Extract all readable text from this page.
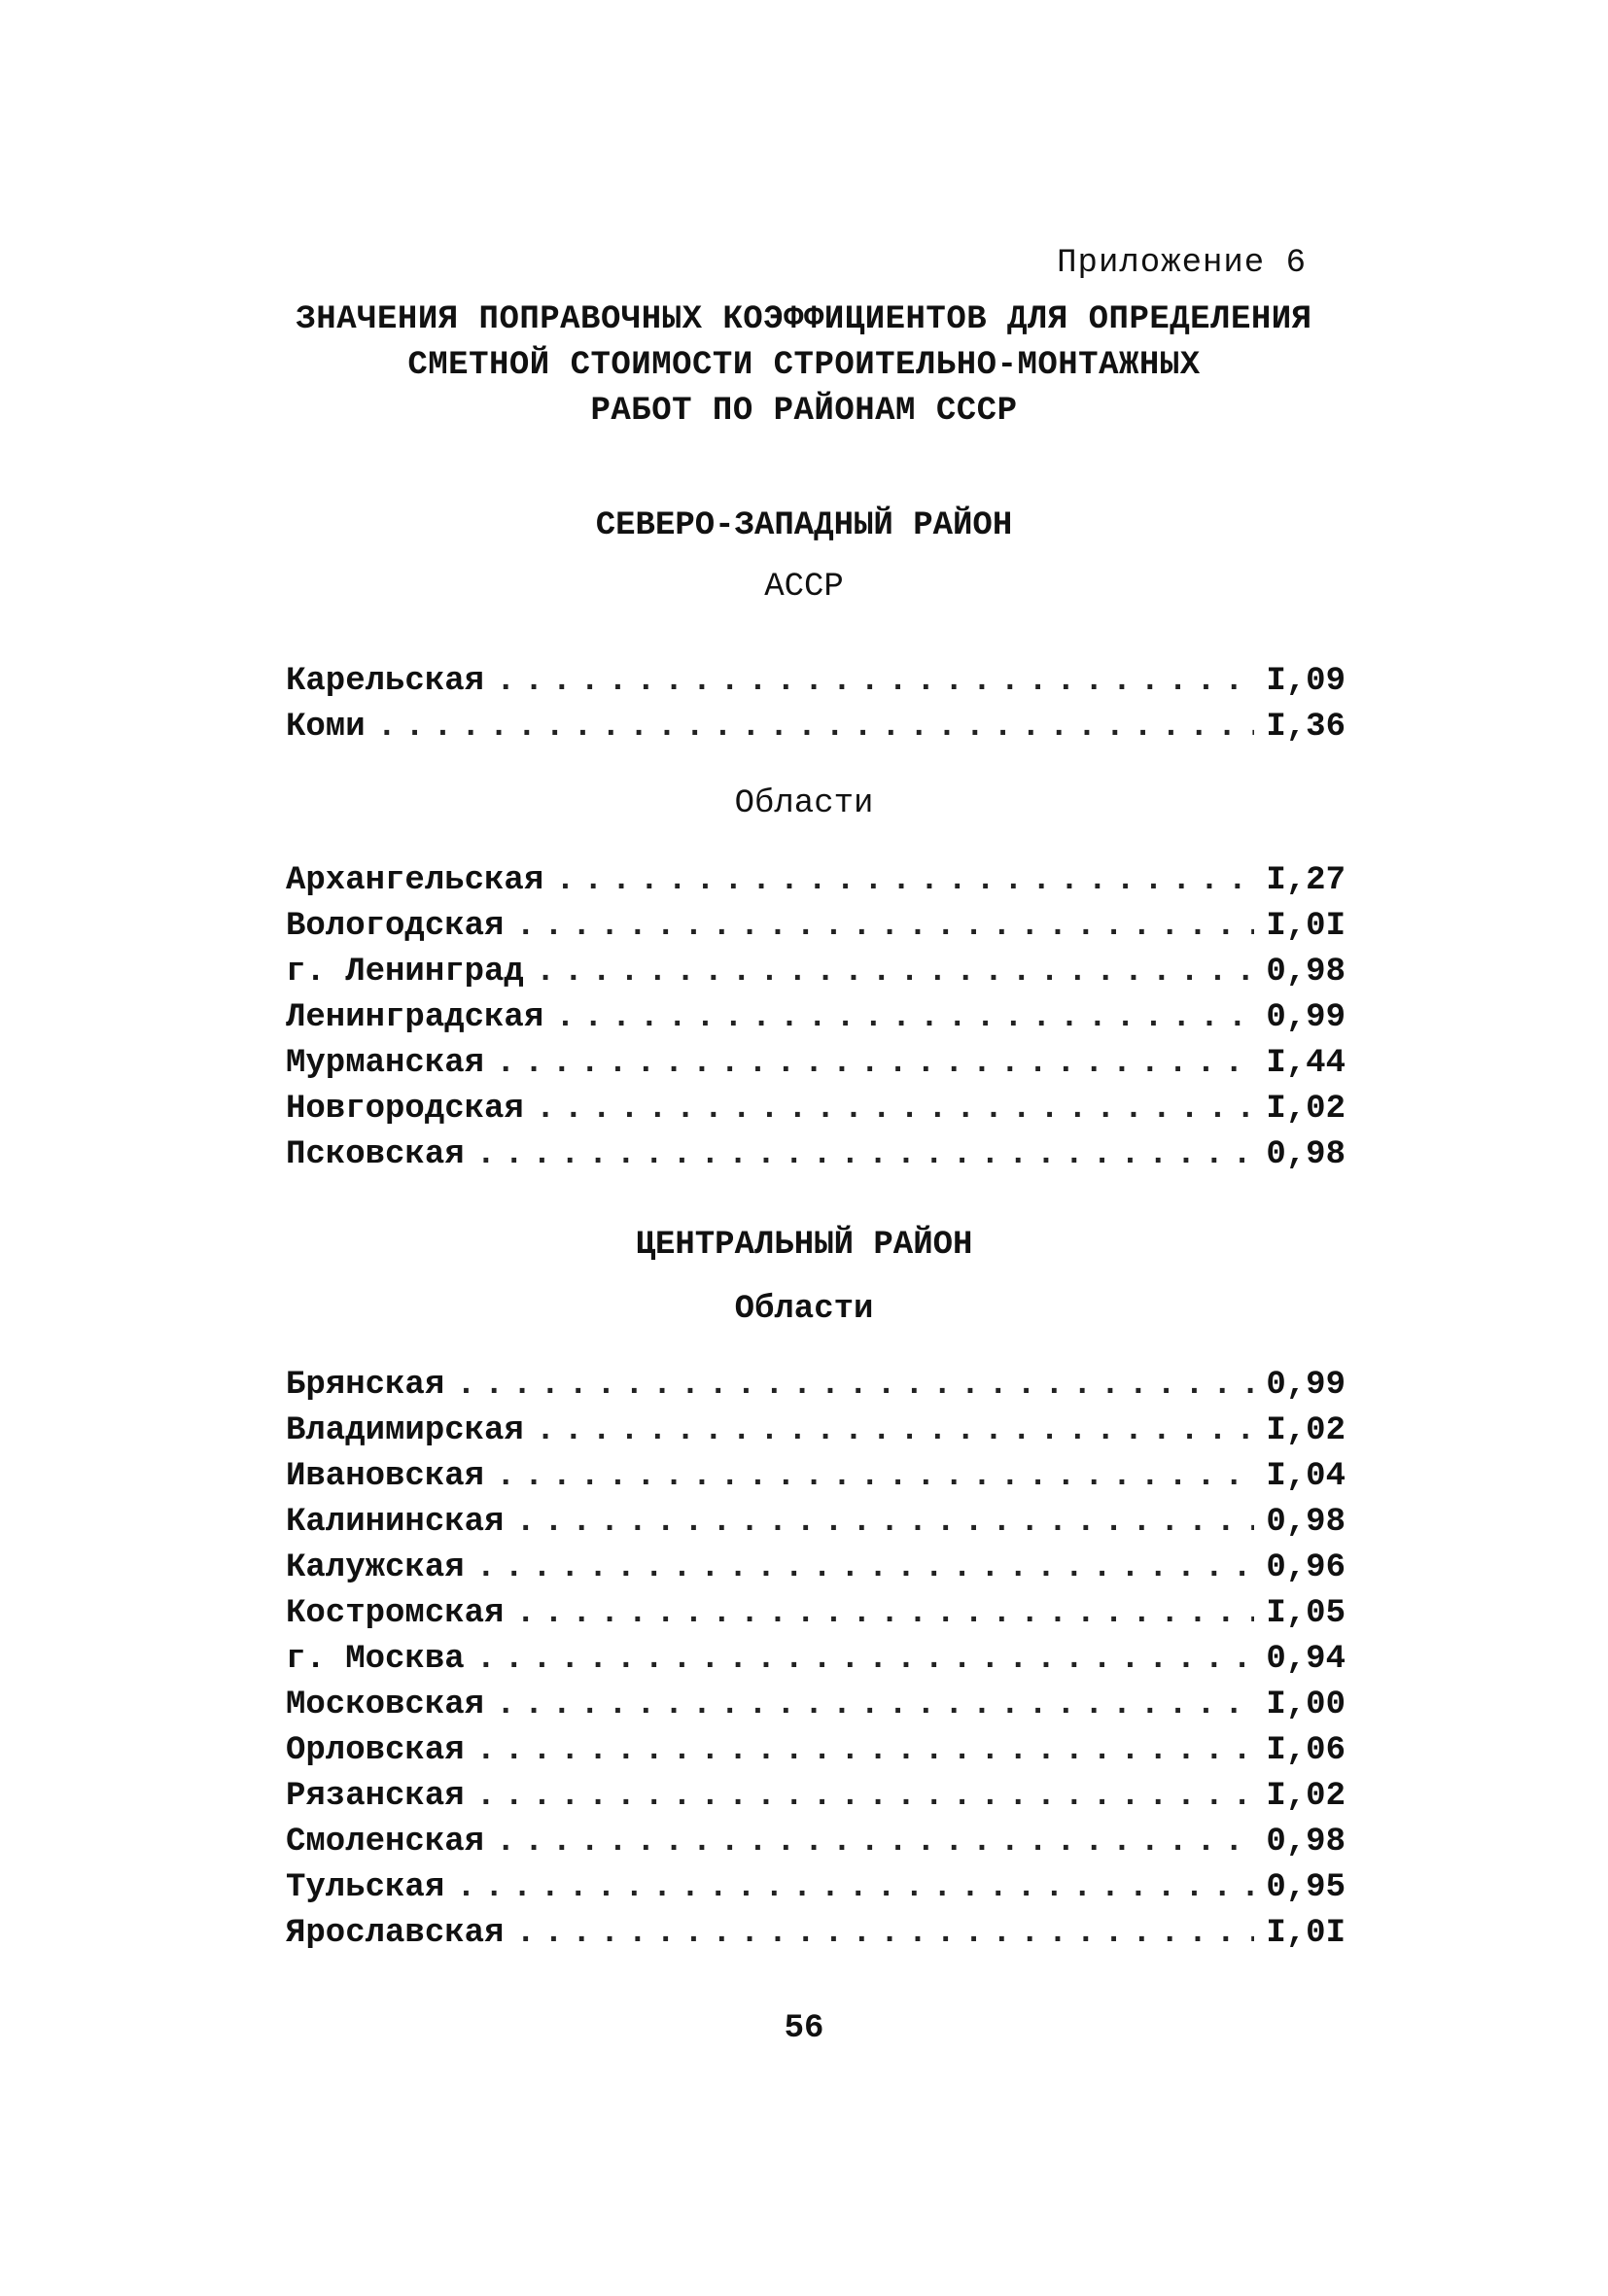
Приложение 6
ЗНАЧЕНИЯ ПОПРАВОЧНЫХ КОЭФФИЦИЕНТОВ ДЛЯ ОПРЕДЕЛЕНИЯ
СМЕТНОЙ СТОИМОСТИ СТРОИТЕЛЬНО-МОНТАЖНЫХ
РАБОТ ПО РАЙОНАМ СССР
СЕВЕРО-ЗАПАДНЫЙ РАЙОН
АССР
Карельская . . .	I,09
Коми . . .	I,36
Области
Архангельская . . .	I,27
Вологодская . . .	I,0I
г. Ленинград . . .	0,98
Ленинградская . . .	0,99
Мурманская . . .	I,44
Новгородская . . .	I,02
Псковская . . .	0,98
ЦЕНТРАЛЬНЫЙ РАЙОН
Области
Брянская . . .	0,99
Владимирская . . .	I,02
Ивановская . . .	I,04
Калининская . . .	0,98
Калужская . . .	0,96
Костромская . . .	I,05
г. Москва . . .	0,94
Московская . . .	I,00
Орловская . . .	I,06
Рязанская . . .	I,02
Смоленская . . .	0,98
Тульская . . .	0,95
Ярославская . . .	I,0I
56
